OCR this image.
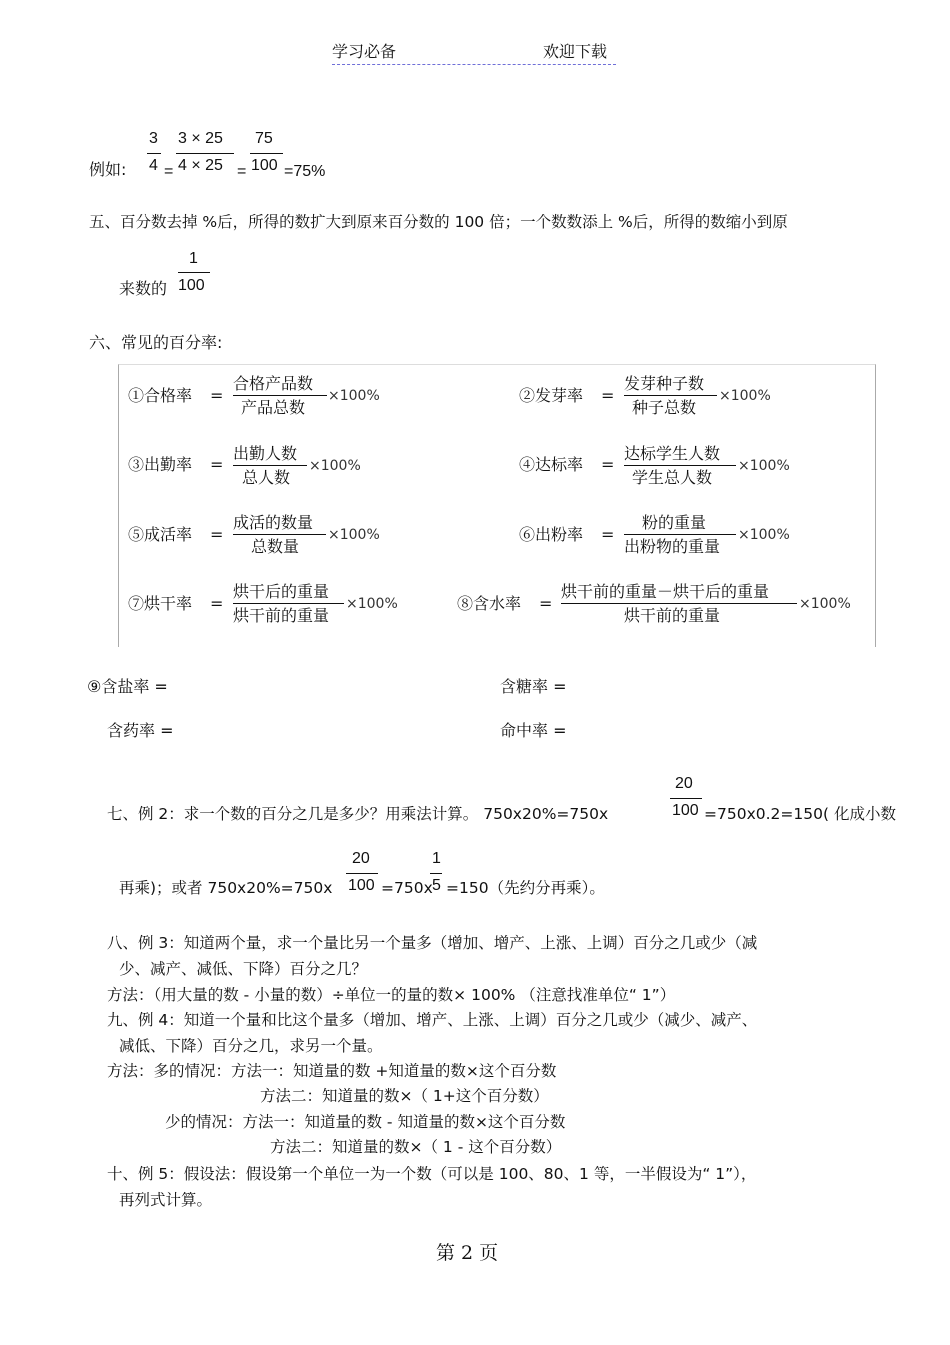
学习必备	欢迎下载
例如:
3
4 =
3 × 25
4 × 25 =
75
100 =75%
五、百分数去掉 %后，所得的数扩大到原来百分数的 100 倍；一个数数添上 %后，所得的数缩小到原
来数的
1
100
六、常见的百分率:
①合格率 =
合格产品数
产品总数
×100%	②发芽率 =
发芽种子数
种子总数
×100%
③出勤率 =
出勤人数
总人数
×100%	④达标率 =
达标学生人数
学生总人数
×100%
⑤成活率 =
成活的数量
总数量
×100%	⑥出粉率 =
粉的重量
出粉物的重量
×100%
⑦烘干率 =
烘干后的重量
烘干前的重量
×100%	⑧含水率 =
烘干前的重量－烘干后的重量
烘干前的重量
×100%
⑨含盐率 =	含糖率 =
含药率 =	命中率 =
七、例 2：求一个数的百分之几是多少？用乘法计算。 750x20%=750x
20
100 =750x0.2=150( 化成小数
再乘)；或者 750x20%=750x
20
100 =750x
1
5 =150（先约分再乘）。
八、例 3：知道两个量，求一个量比另一个量多（增加、增产、上涨、上调）百分之几或少（减
少、减产、减低、下降）百分之几？
方法：（用大量的数 - 小量的数）÷单位一的量的数× 100% （注意找准单位“ 1”）
九、例 4：知道一个量和比这个量多（增加、增产、上涨、上调）百分之几或少（减少、减产、
减低、下降）百分之几，求另一个量。
方法：多的情况：方法一：知道量的数 +知道量的数×这个百分数
方法二：知道量的数×（ 1+这个百分数）
少的情况：方法一：知道量的数 - 知道量的数×这个百分数
方法二：知道量的数×（ 1 - 这个百分数）
十、例 5：假设法：假设第一个单位一为一个数（可以是 100、80、1 等，一半假设为“ 1”），
再列式计算。
第 2 页
